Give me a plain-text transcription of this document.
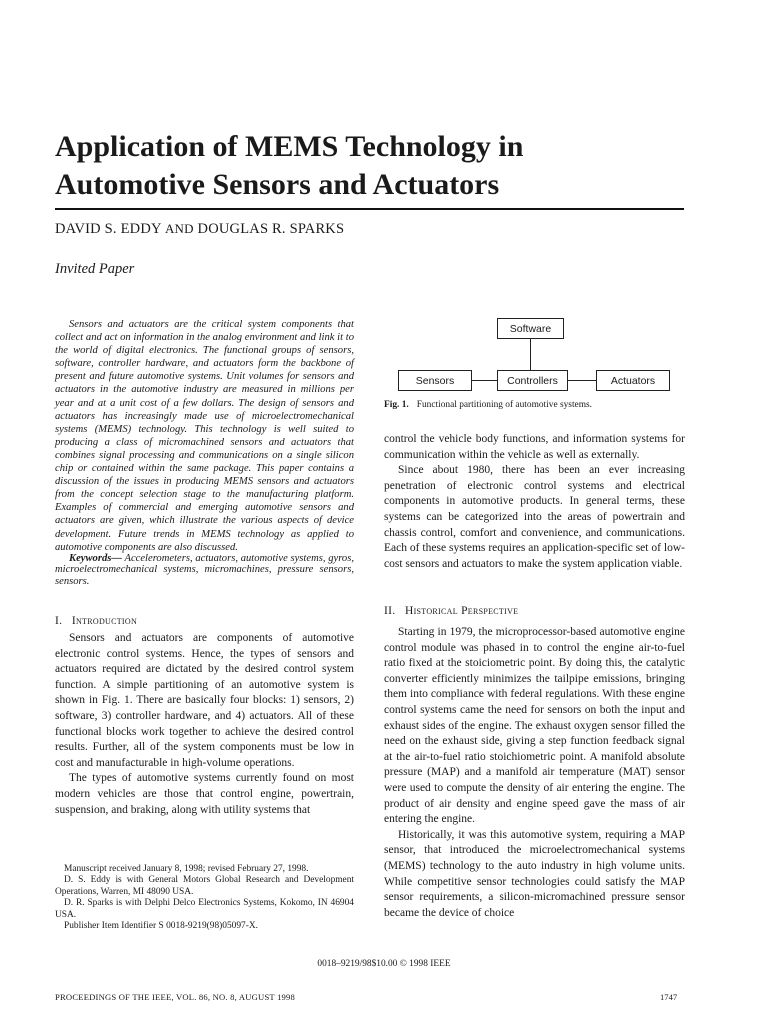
Application of MEMS Technology in
Automotive Sensors and Actuators
DAVID S. EDDY AND DOUGLAS R. SPARKS
Invited Paper
Sensors and actuators are the critical system components that collect and act on information in the analog environment and link it to the world of digital electronics. The functional groups of sensors, software, controller hardware, and actuators form the backbone of present and future automotive systems. Unit volumes for sensors and actuators in the automotive industry are measured in millions per year and at a unit cost of a few dollars. The design of sensors and actuators has increasingly made use of microelectromechanical systems (MEMS) technology. This technology is well suited to producing a class of micromachined sensors and actuators that combines signal processing and communications on a single silicon chip or contained within the same package. This paper contains a discussion of the issues in producing MEMS sensors and actuators from the concept selection stage to the manufacturing platform. Examples of commercial and emerging automotive sensors and actuators are given, which illustrate the various aspects of device development. Future trends in MEMS technology as applied to automotive components are also discussed.
Keywords— Accelerometers, actuators, automotive systems, gyros, microelectromechanical systems, micromachines, pressure sensors, sensors.
I. Introduction

Sensors and actuators are components of automotive electronic control systems. Hence, the types of sensors and actuators required are dictated by the desired control system function. A simple partitioning of an automotive system is shown in Fig. 1. There are basically four blocks: 1) sensors, 2) software, 3) controller hardware, and 4) actuators. All of these functional blocks work together to achieve the desired control results. Further, all of the system components must be low in cost and manufacturable in high-volume operations.

The types of automotive systems currently found on most modern vehicles are those that control engine, powertrain, suspension, and braking, along with utility systems that

Manuscript received January 8, 1998; revised February 27, 1998.

D. S. Eddy is with General Motors Global Research and Development Operations, Warren, MI 48090 USA.

D. R. Sparks is with Delphi Delco Electronics Systems, Kokomo, IN 46904 USA.

Publisher Item Identifier S 0018-9219(98)05097-X.

Software
Sensors	Controllers	Actuators
Fig. 1. Functional partitioning of automotive systems.

control the vehicle body functions, and information systems for communication within the vehicle as well as externally.

Since about 1980, there has been an ever increasing penetration of electronic control systems and electrical components in automotive products. In general terms, these systems can be categorized into the areas of powertrain and chassis control, comfort and convenience, and communications. Each of these systems requires an application-specific set of low-cost sensors and actuators to make the system application viable.

II. Historical Perspective

Starting in 1979, the microprocessor-based automotive engine control module was phased in to control the engine air-to-fuel ratio fixed at the stoiciometric point. By doing this, the catalytic converter efficiently minimizes the tailpipe emissions, bringing them into compliance with federal regulations. With these engine control systems came the need for sensors on both the input and exhaust sides of the engine. The exhaust oxygen sensor filled the need on the exhaust side, giving a step function feedback signal at the air-to-fuel ratio stoichiometric point. A manifold absolute pressure (MAP) and a manifold air temperature (MAT) sensor were used to compute the density of air entering the engine. The product of air density and engine speed gave the mass of air entering the engine.

Historically, it was this automotive system, requiring a MAP sensor, that introduced the microelectromechanical systems (MEMS) technology to the auto industry in high volume units. While competitive sensor technologies could satisfy the MAP sensor requirements, a silicon-micromachined pressure sensor became the device of choice

0018–9219/98$10.00 © 1998 IEEE
PROCEEDINGS OF THE IEEE, VOL. 86, NO. 8, AUGUST 1998	1747
